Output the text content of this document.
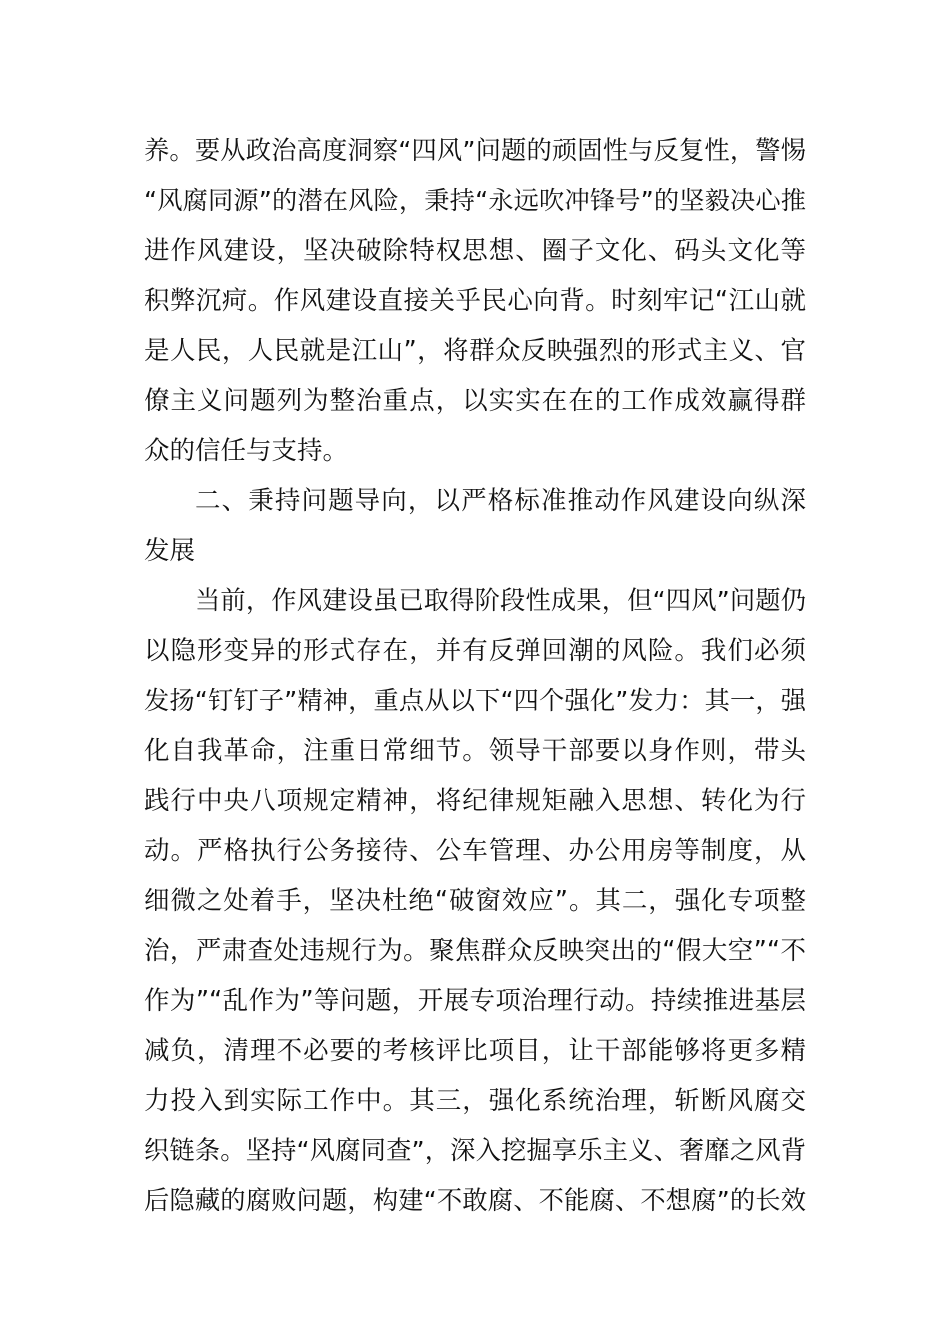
养。要从政治高度洞察“四风”问题的顽固性与反复性，警惕
“风腐同源”的潜在风险，秉持“永远吹冲锋号”的坚毅决心推
进作风建设，坚决破除特权思想、圈子文化、码头文化等
积弊沉疴。作风建设直接关乎民心向背。时刻牢记“江山就
是人民，人民就是江山”，将群众反映强烈的形式主义、官
僚主义问题列为整治重点，以实实在在的工作成效赢得群
众的信任与支持。
二、秉持问题导向，以严格标准推动作风建设向纵深
发展
当前，作风建设虽已取得阶段性成果，但“四风”问题仍
以隐形变异的形式存在，并有反弹回潮的风险。我们必须
发扬“钉钉子”精神，重点从以下“四个强化”发力：其一，强
化自我革命，注重日常细节。领导干部要以身作则，带头
践行中央八项规定精神，将纪律规矩融入思想、转化为行
动。严格执行公务接待、公车管理、办公用房等制度，从
细微之处着手，坚决杜绝“破窗效应”。其二，强化专项整
治，严肃查处违规行为。聚焦群众反映突出的“假大空”“不
作为”“乱作为”等问题，开展专项治理行动。持续推进基层
减负，清理不必要的考核评比项目，让干部能够将更多精
力投入到实际工作中。其三，强化系统治理，斩断风腐交
织链条。坚持“风腐同查”，深入挖掘享乐主义、奢靡之风背
后隐藏的腐败问题，构建“不敢腐、不能腐、不想腐”的长效
